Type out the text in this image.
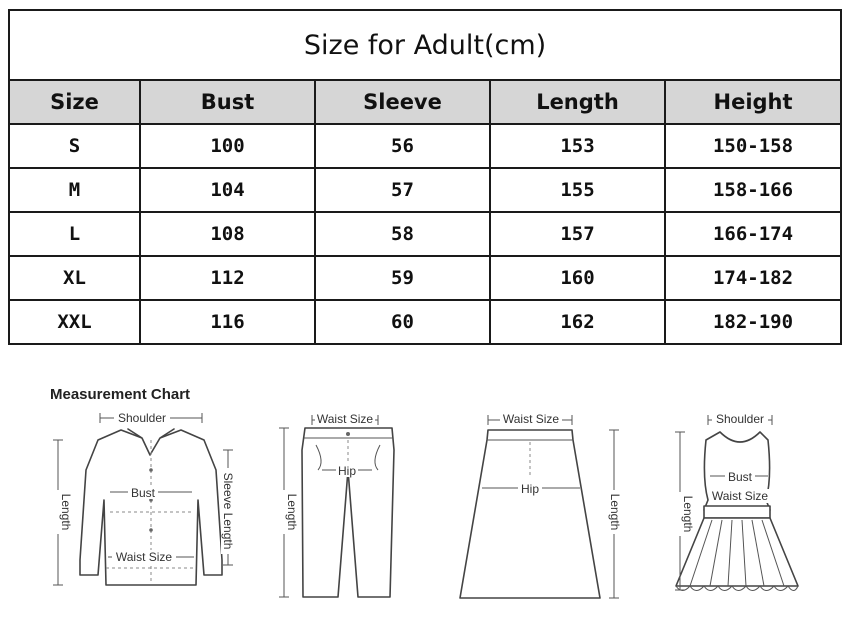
Size for Adult(cm)				
Size	Bust	Sleeve	Length	Height
S	100	56	153	150-158
M	104	57	155	158-166
L	108	58	157	166-174
XL	112	59	160	174-182
XXL	116	60	162	182-190
Measurement Chart
Shoulder
Bust
Waist Size
Length	Sleeve Length
Waist Size
Hip
Length
Waist Size
Hip
Length
Shoulder
Bust
Waist Size
Length
